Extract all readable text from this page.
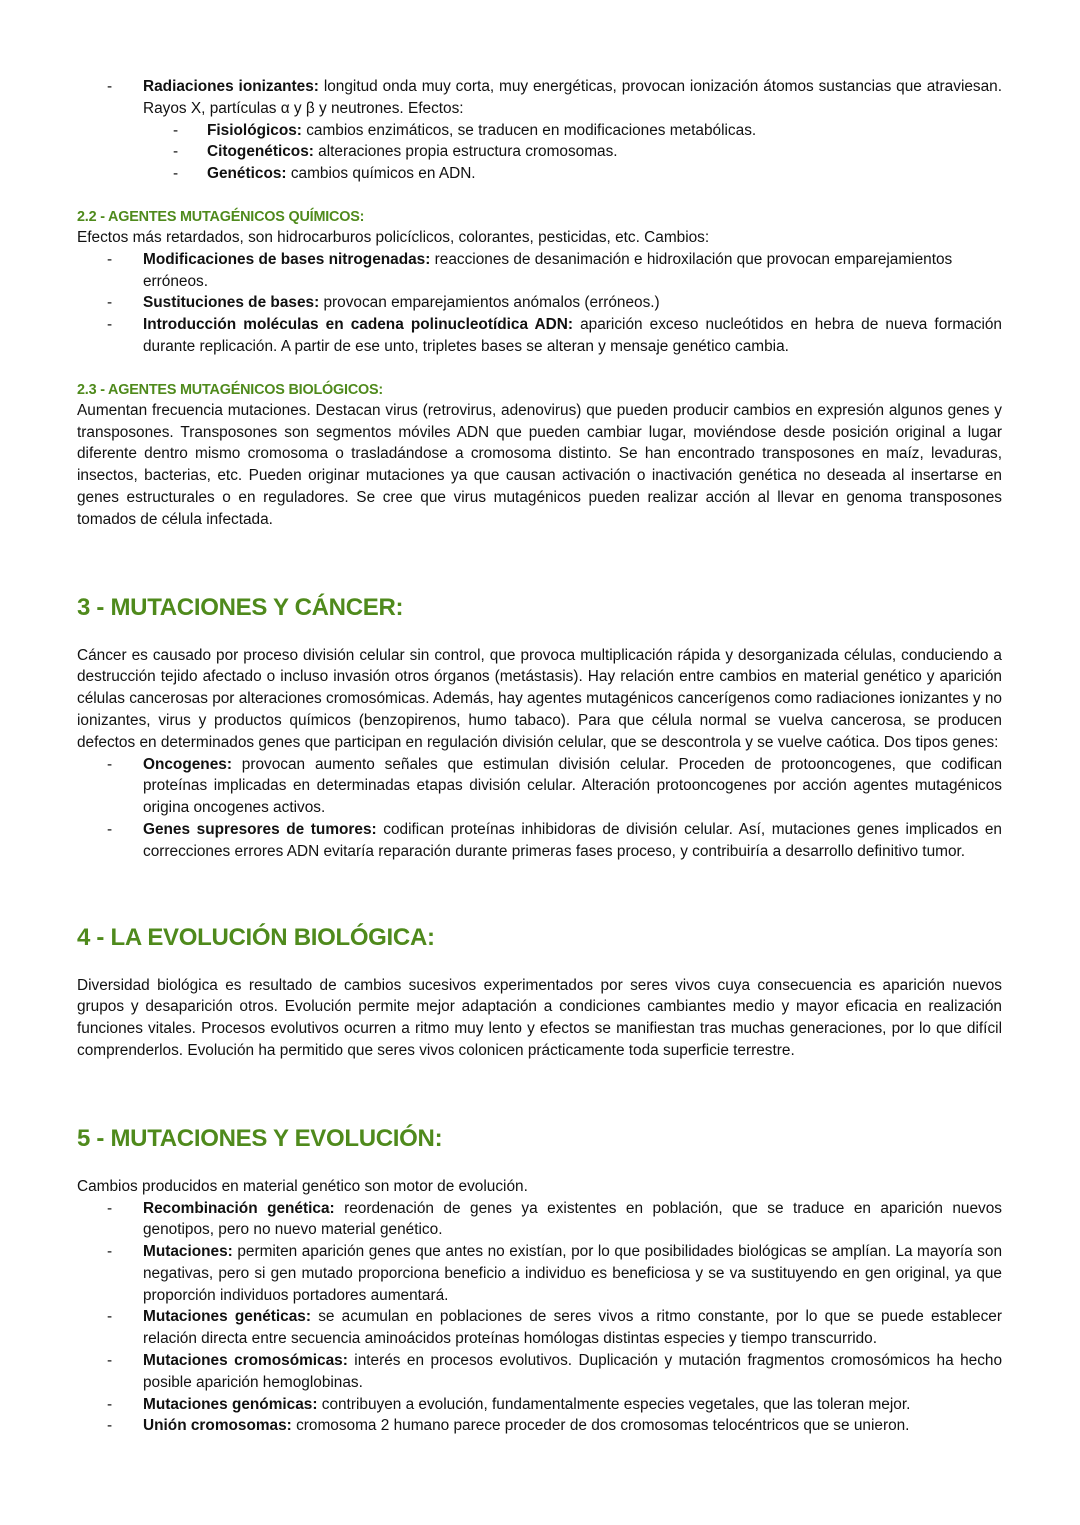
- Radiaciones ionizantes: longitud onda muy corta, muy energéticas, provocan ionización átomos sustancias que atraviesan. Rayos X, partículas α y β y neutrones. Efectos:

- Fisiológicos: cambios enzimáticos, se traducen en modificaciones metabólicas.

- Citogenéticos: alteraciones propia estructura cromosomas.

- Genéticos: cambios químicos en ADN.

2.2 - AGENTES MUTAGÉNICOS QUÍMICOS:

Efectos más retardados, son hidrocarburos policíclicos, colorantes, pesticidas, etc. Cambios:

- Modificaciones de bases nitrogenadas: reacciones de desanimación e hidroxilación que provocan emparejamientos erróneos.

- Sustituciones de bases: provocan emparejamientos anómalos (erróneos.)

- Introducción moléculas en cadena polinucleotídica ADN: aparición exceso nucleótidos en hebra de nueva formación durante replicación. A partir de ese unto, tripletes bases se alteran y mensaje genético cambia.

2.3 - AGENTES MUTAGÉNICOS BIOLÓGICOS:

Aumentan frecuencia mutaciones. Destacan virus (retrovirus, adenovirus) que pueden producir cambios en expresión algunos genes y transposones. Transposones son segmentos móviles ADN que pueden cambiar lugar, moviéndose desde posición original a lugar diferente dentro mismo cromosoma o trasladándose a cromosoma distinto. Se han encontrado transposones en maíz, levaduras, insectos, bacterias, etc. Pueden originar mutaciones ya que causan activación o inactivación genética no deseada al insertarse en genes estructurales o en reguladores. Se cree que virus mutagénicos pueden realizar acción al llevar en genoma transposones tomados de célula infectada.

3 - MUTACIONES Y CÁNCER:

Cáncer es causado por proceso división celular sin control, que provoca multiplicación rápida y desorganizada células, conduciendo a destrucción tejido afectado o incluso invasión otros órganos (metástasis). Hay relación entre cambios en material genético y aparición células cancerosas por alteraciones cromosómicas. Además, hay agentes mutagénicos cancerígenos como radiaciones ionizantes y no ionizantes, virus y productos químicos (benzopirenos, humo tabaco). Para que célula normal se vuelva cancerosa, se producen defectos en determinados genes que participan en regulación división celular, que se descontrola y se vuelve caótica. Dos tipos genes:

- Oncogenes: provocan aumento señales que estimulan división celular. Proceden de protooncogenes, que codifican proteínas implicadas en determinadas etapas división celular. Alteración protooncogenes por acción agentes mutagénicos origina oncogenes activos.

- Genes supresores de tumores: codifican proteínas inhibidoras de división celular. Así, mutaciones genes implicados en correcciones errores ADN evitaría reparación durante primeras fases proceso, y contribuiría a desarrollo definitivo tumor.

4 - LA EVOLUCIÓN BIOLÓGICA:

Diversidad biológica es resultado de cambios sucesivos experimentados por seres vivos cuya consecuencia es aparición nuevos grupos y desaparición otros. Evolución permite mejor adaptación a condiciones cambiantes medio y mayor eficacia en realización funciones vitales. Procesos evolutivos ocurren a ritmo muy lento y efectos se manifiestan tras muchas generaciones, por lo que difícil comprenderlos. Evolución ha permitido que seres vivos colonicen prácticamente toda superficie terrestre.

5 - MUTACIONES Y EVOLUCIÓN:

Cambios producidos en material genético son motor de evolución.

- Recombinación genética: reordenación de genes ya existentes en población, que se traduce en aparición nuevos genotipos, pero no nuevo material genético.

- Mutaciones: permiten aparición genes que antes no existían, por lo que posibilidades biológicas se amplían. La mayoría son negativas, pero si gen mutado proporciona beneficio a individuo es beneficiosa y se va sustituyendo en gen original, ya que proporción individuos portadores aumentará.

- Mutaciones genéticas: se acumulan en poblaciones de seres vivos a ritmo constante, por lo que se puede establecer relación directa entre secuencia aminoácidos proteínas homólogas distintas especies y tiempo transcurrido.

- Mutaciones cromosómicas: interés en procesos evolutivos. Duplicación y mutación fragmentos cromosómicos ha hecho posible aparición hemoglobinas.

- Mutaciones genómicas: contribuyen a evolución, fundamentalmente especies vegetales, que las toleran mejor.

- Unión cromosomas: cromosoma 2 humano parece proceder de dos cromosomas telocéntricos que se unieron.
